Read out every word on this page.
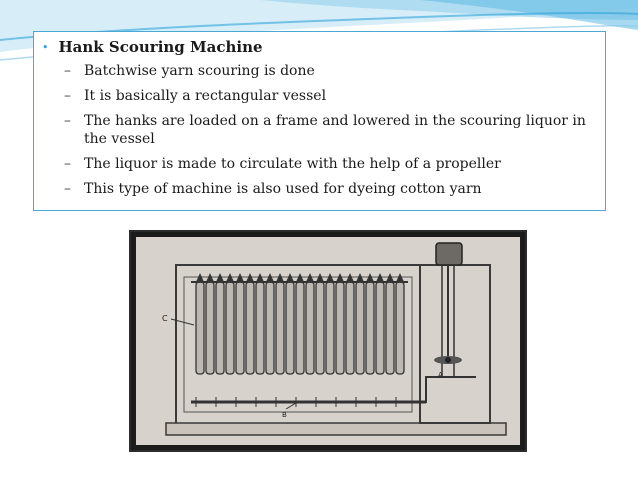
• Hank Scouring Machine
– Batchwise yarn scouring is done
– It is basically a rectangular vessel
– The hanks are loaded on a frame and lowered in the scouring liquor in the vessel
– The liquor is made to circulate with the help of a propeller
– This type of machine is also used for dyeing cotton yarn
C
A
B
